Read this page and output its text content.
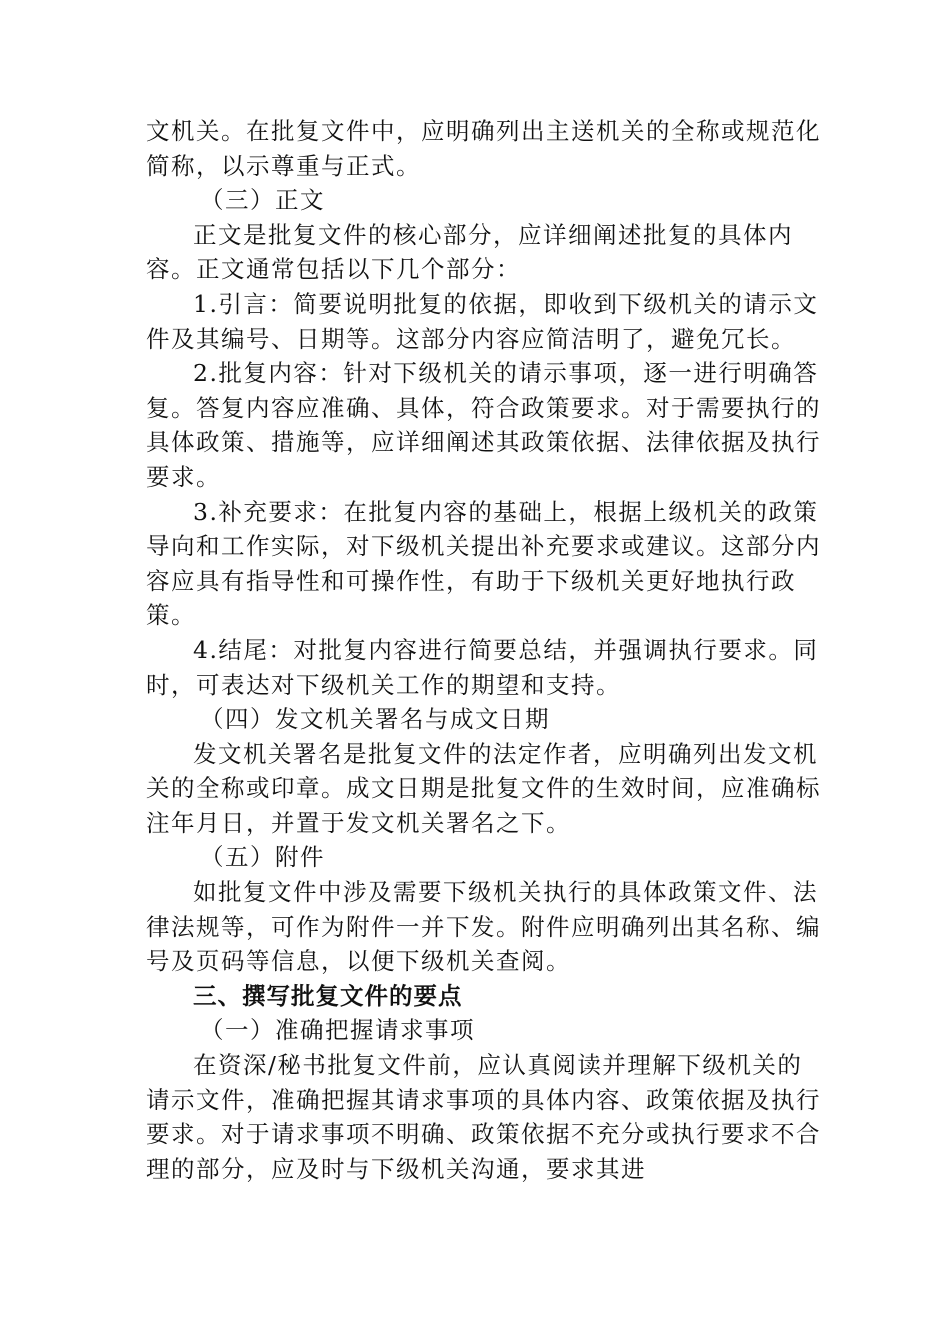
文机关。在批复文件中，应明确列出主送机关的全称或规范化简称，以示尊重与正式。

（三）正文

正文是批复文件的核心部分，应详细阐述批复的具体内容。正文通常包括以下几个部分：

1.引言：简要说明批复的依据，即收到下级机关的请示文件及其编号、日期等。这部分内容应简洁明了，避免冗长。

2.批复内容：针对下级机关的请示事项，逐一进行明确答复。答复内容应准确、具体，符合政策要求。对于需要执行的具体政策、措施等，应详细阐述其政策依据、法律依据及执行要求。

3.补充要求：在批复内容的基础上，根据上级机关的政策导向和工作实际，对下级机关提出补充要求或建议。这部分内容应具有指导性和可操作性，有助于下级机关更好地执行政策。

4.结尾：对批复内容进行简要总结，并强调执行要求。同时，可表达对下级机关工作的期望和支持。

（四）发文机关署名与成文日期

发文机关署名是批复文件的法定作者，应明确列出发文机关的全称或印章。成文日期是批复文件的生效时间，应准确标注年月日，并置于发文机关署名之下。

（五）附件

如批复文件中涉及需要下级机关执行的具体政策文件、法律法规等，可作为附件一并下发。附件应明确列出其名称、编号及页码等信息，以便下级机关查阅。

三、撰写批复文件的要点

（一）准确把握请求事项

在资深/秘书批复文件前，应认真阅读并理解下级机关的请示文件，准确把握其请求事项的具体内容、政策依据及执行要求。对于请求事项不明确、政策依据不充分或执行要求不合理的部分，应及时与下级机关沟通，要求其进
